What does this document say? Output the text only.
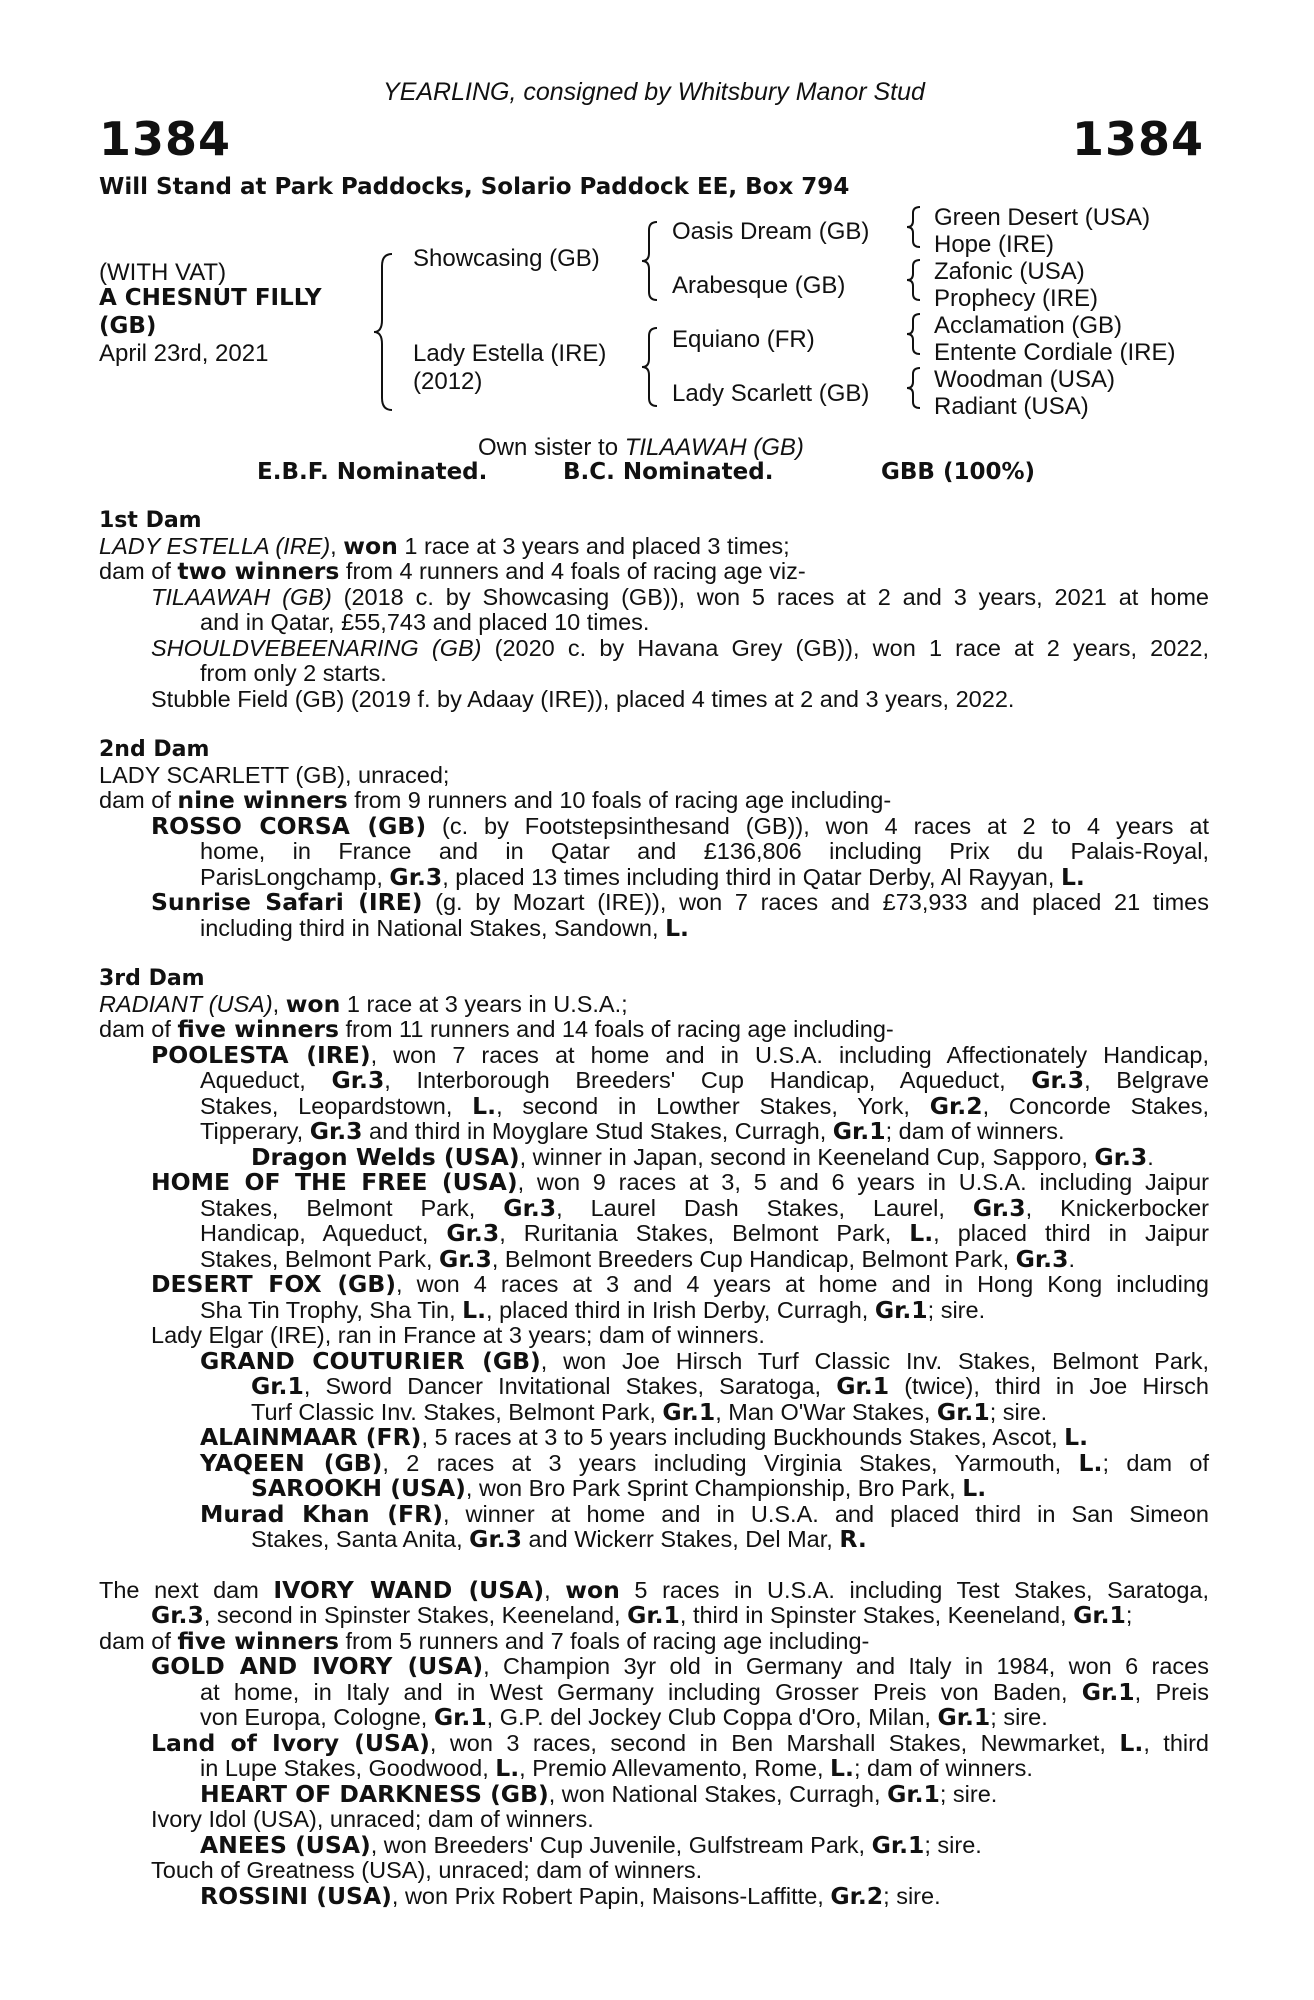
YEARLING, consigned by Whitsbury Manor Stud
1384	1384
Will Stand at Park Paddocks, Solario Paddock EE, Box 794
(WITH VAT)
A CHESNUT FILLY
(GB)
April 23rd, 2021
Showcasing (GB)
Lady Estella (IRE)
(2012)
Oasis Dream (GB)
Arabesque (GB)
Equiano (FR)
Lady Scarlett (GB)
Green Desert (USA)
Hope (IRE)
Zafonic (USA)
Prophecy (IRE)
Acclamation (GB)
Entente Cordiale (IRE)
Woodman (USA)
Radiant (USA)
Own sister to TILAAWAH (GB)
E.B.F. Nominated.	B.C. Nominated.	GBB (100%)

1st Dam

LADY ESTELLA (IRE), won 1 race at 3 years and placed 3 times;

dam of two winners from 4 runners and 4 foals of racing age viz-

TILAAWAH (GB) (2018 c. by Showcasing (GB)), won 5 races at 2 and 3 years, 2021 at home

and in Qatar, £55,743 and placed 10 times.

SHOULDVEBEENARING (GB) (2020 c. by Havana Grey (GB)), won 1 race at 2 years, 2022,

from only 2 starts.

Stubble Field (GB) (2019 f. by Adaay (IRE)), placed 4 times at 2 and 3 years, 2022.

2nd Dam

LADY SCARLETT (GB), unraced;

dam of nine winners from 9 runners and 10 foals of racing age including-

ROSSO CORSA (GB) (c. by Footstepsinthesand (GB)), won 4 races at 2 to 4 years at

home, in France and in Qatar and £136,806 including Prix du Palais-Royal,

ParisLongchamp, Gr.3, placed 13 times including third in Qatar Derby, Al Rayyan, L.

Sunrise Safari (IRE) (g. by Mozart (IRE)), won 7 races and £73,933 and placed 21 times

including third in National Stakes, Sandown, L.

3rd Dam

RADIANT (USA), won 1 race at 3 years in U.S.A.;

dam of five winners from 11 runners and 14 foals of racing age including-

POOLESTA (IRE), won 7 races at home and in U.S.A. including Affectionately Handicap,

Aqueduct, Gr.3, Interborough Breeders' Cup Handicap, Aqueduct, Gr.3, Belgrave

Stakes, Leopardstown, L., second in Lowther Stakes, York, Gr.2, Concorde Stakes,

Tipperary, Gr.3 and third in Moyglare Stud Stakes, Curragh, Gr.1; dam of winners.

Dragon Welds (USA), winner in Japan, second in Keeneland Cup, Sapporo, Gr.3.

HOME OF THE FREE (USA), won 9 races at 3, 5 and 6 years in U.S.A. including Jaipur

Stakes, Belmont Park, Gr.3, Laurel Dash Stakes, Laurel, Gr.3, Knickerbocker

Handicap, Aqueduct, Gr.3, Ruritania Stakes, Belmont Park, L., placed third in Jaipur

Stakes, Belmont Park, Gr.3, Belmont Breeders Cup Handicap, Belmont Park, Gr.3.

DESERT FOX (GB), won 4 races at 3 and 4 years at home and in Hong Kong including

Sha Tin Trophy, Sha Tin, L., placed third in Irish Derby, Curragh, Gr.1; sire.

Lady Elgar (IRE), ran in France at 3 years; dam of winners.

GRAND COUTURIER (GB), won Joe Hirsch Turf Classic Inv. Stakes, Belmont Park,

Gr.1, Sword Dancer Invitational Stakes, Saratoga, Gr.1 (twice), third in Joe Hirsch

Turf Classic Inv. Stakes, Belmont Park, Gr.1, Man O'War Stakes, Gr.1; sire.

ALAINMAAR (FR), 5 races at 3 to 5 years including Buckhounds Stakes, Ascot, L.

YAQEEN (GB), 2 races at 3 years including Virginia Stakes, Yarmouth, L.; dam of

SAROOKH (USA), won Bro Park Sprint Championship, Bro Park, L.

Murad Khan (FR), winner at home and in U.S.A. and placed third in San Simeon

Stakes, Santa Anita, Gr.3 and Wickerr Stakes, Del Mar, R.

The next dam IVORY WAND (USA), won 5 races in U.S.A. including Test Stakes, Saratoga,

Gr.3, second in Spinster Stakes, Keeneland, Gr.1, third in Spinster Stakes, Keeneland, Gr.1;

dam of five winners from 5 runners and 7 foals of racing age including-

GOLD AND IVORY (USA), Champion 3yr old in Germany and Italy in 1984, won 6 races

at home, in Italy and in West Germany including Grosser Preis von Baden, Gr.1, Preis

von Europa, Cologne, Gr.1, G.P. del Jockey Club Coppa d'Oro, Milan, Gr.1; sire.

Land of Ivory (USA), won 3 races, second in Ben Marshall Stakes, Newmarket, L., third

in Lupe Stakes, Goodwood, L., Premio Allevamento, Rome, L.; dam of winners.

HEART OF DARKNESS (GB), won National Stakes, Curragh, Gr.1; sire.

Ivory Idol (USA), unraced; dam of winners.

ANEES (USA), won Breeders' Cup Juvenile, Gulfstream Park, Gr.1; sire.

Touch of Greatness (USA), unraced; dam of winners.

ROSSINI (USA), won Prix Robert Papin, Maisons-Laffitte, Gr.2; sire.
